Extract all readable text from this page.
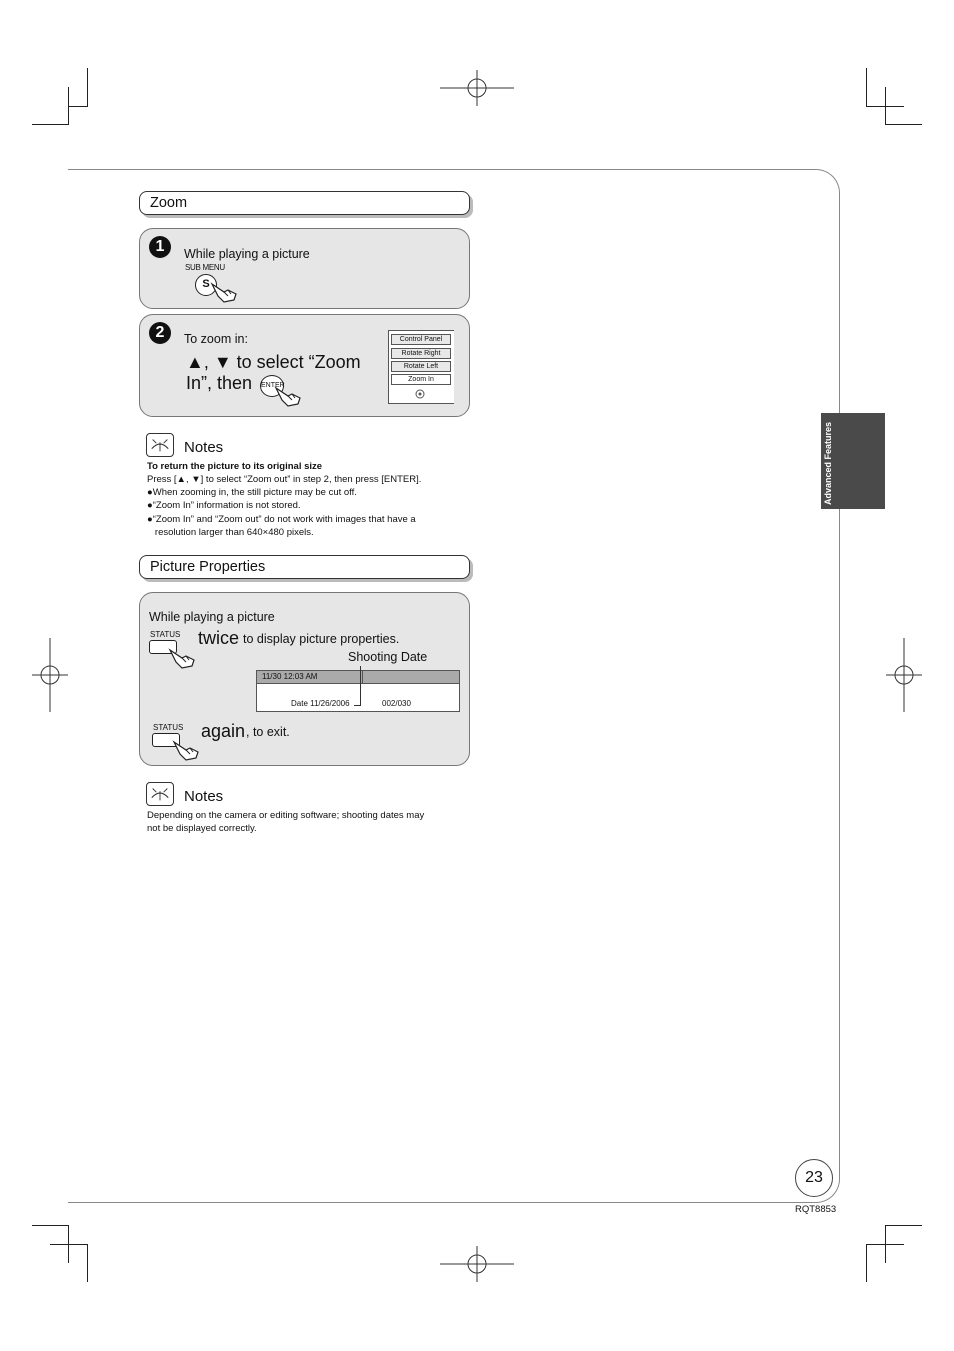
Zoom
1	While playing a picture
SUB MENU
S
2	To zoom in:
▲, ▼ to select “Zoom
In”, then ENTER
Control Panel
Rotate Right
Rotate Left
Zoom In
Notes
To return the picture to its original size
Press [▲, ▼] to select “Zoom out” in step 2, then press [ENTER].
●When zooming in, the still picture may be cut off.
●“Zoom In” information is not stored.
●“Zoom In” and “Zoom out” do not work with images that have a
resolution larger than 640×480 pixels.
Picture Properties
While playing a picture
STATUS twice to display picture properties.
Shooting Date
11/30 12:03 AM
Date 11/26/2006	002/030
STATUS again , to exit.
Notes
Depending on the camera or editing software; shooting dates may
not be displayed correctly.
Advanced Features
23
RQT8853
